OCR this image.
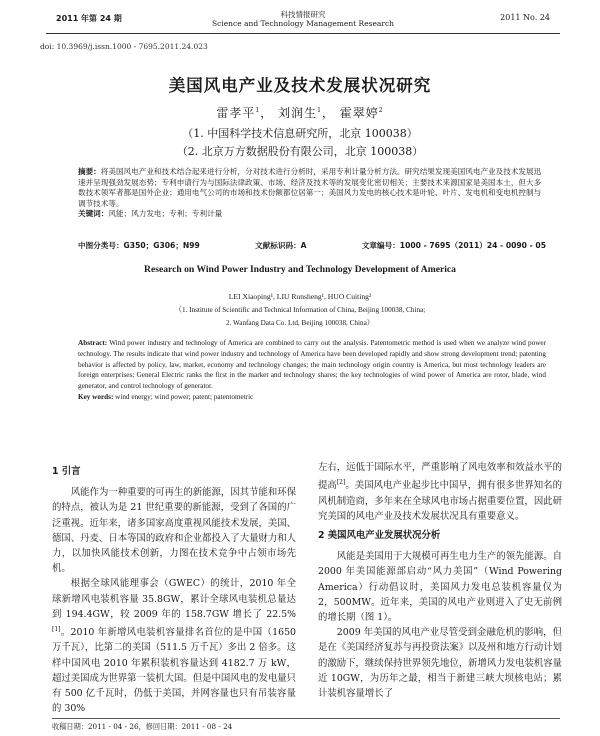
2011 年第 24 期	科技情报研究
Science and Technology Management Research
2011 No. 24
doi: 10.3969/j.issn.1000 - 7695.2011.24.023
美国风电产业及技术发展状况研究
雷孝平$^1$， 刘润生$^1$， 霍翠婷$^2$
（1. 中国科学技术信息研究所，北京 100038）
（2. 北京万方数据股份有限公司，北京 100038）
摘要：将美国风电产业和技术结合起来进行分析，分对技术进行分析时，采用专利计量分析方法。研究结果发现美国风电产业及技术发展迅速并呈现强劲发展态势；专利申请行为与国际法律政策、市场、经济及技术等的发展变化密切相关；主要技术来源国家是美国本土，但大多数技术领军者都是国外企业；通用电气公司的市场和技术份额都位居第一；美国风力发电的核心技术是叶轮、叶片、发电机和变电机控制与调节技术等。
关键词：风能；风力发电；专利；专利计量
中图分类号：G350；G306；N99	文献标识码：A	文章编号：1000 - 7695（2011）24 - 0090 - 05
Research on Wind Power Industry and Technology Development of America
LEI Xiaoping¹, LIU Runsheng¹, HUO Cuiting²
（1. Institute of Scientific and Technical Information of China, Beijing 100038, China;
2. Wanfang Data Co. Ltd, Beijing 100038, China）
Abstract: Wind power industry and technology of America are combined to carry out the analysis. Patentometric method is used when we analyze wind power technology. The results indicate that wind power industry and technology of America have been developed rapidly and show strong development trend; patenting behavior is affected by policy, law, market, economy and technology changes; the main technology origin country is America, but most technology leaders are foreign enterprises; General Electric ranks the first in the market and technology shares; the key technologies of wind power of America are rotor, blade, wind generator, and control technology of generator.
Key words: wind energy; wind power; patent; patentometric
1 引言

风能作为一种重要的可再生的新能源，因其节能和环保的特点，被认为是 21 世纪重要的新能源，受到了各国的广泛重视。近年来，诸多国家高度重视风能技术发展，美国、德国、丹麦、日本等国的政府和企业都投入了大量财力和人力，以加快风能技术创新，力图在技术竞争中占领市场先机。

根据全球风能理事会（GWEC）的统计，2010 年全球新增风电装机容量 35.8GW，累计全球风电装机总量达到 194.4GW，较 2009 年的 158.7GW 增长了 22.5%[1]。2010 年新增风电装机容量排名首位的是中国（1650 万千瓦），比第二的美国（511.5 万千瓦）多出 2 倍多。这样中国风电 2010 年累积装机容量达到 4182.7 万 kW，超过美国成为世界第一装机大国。但是中国风电的发电量只有 500 亿千瓦时，仍低于美国，并网容量也只有吊装容量的 30%

左右，远低于国际水平，严重影响了风电效率和效益水平的提高[2]。美国风电产业起步比中国早，拥有很多世界知名的风机制造商，多年来在全球风电市场占据重要位置，因此研究美国的风电产业及技术发展状况具有重要意义。

2 美国风电产业发展状况分析

风能是美国用于大规模可再生电力生产的领先能源。自 2000 年美国能源部启动“风力美国”（Wind Powering America）行动倡议时，美国风力发电总装机容量仅为 2，500MW。近年来，美国的风电产业则进入了史无前例的增长期（图 1）。

2009 年美国的风电产业尽管受到金融危机的影响，但是在《美国经济复苏与再投资法案》以及州和地方行动计划的激励下，继续保持世界领先地位，新增风力发电装机容量近 10GW，为历年之最，相当于新建三峡大坝核电站；累计装机容量增长了

收稿日期：2011 - 04 - 26，修回日期：2011 - 08 - 24
